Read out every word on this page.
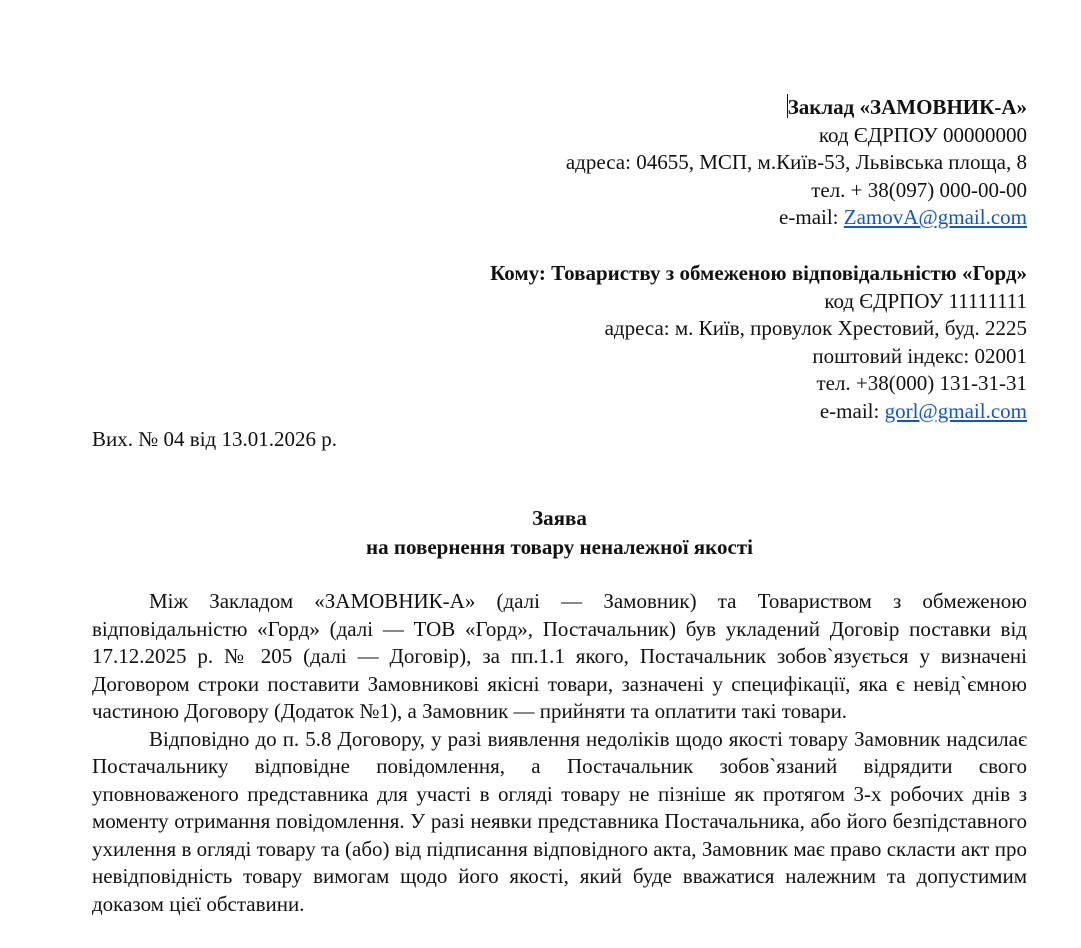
Заклад «ЗАМОВНИК-А»
код ЄДРПОУ 00000000
адреса: 04655, МСП, м.Київ-53, Львівська площа, 8
тел. + 38(097) 000-00-00
e-mail: ZamovA@gmail.com
Кому: Товариству з обмеженою відповідальністю «Горд»
код ЄДРПОУ 11111111
адреса: м. Київ, провулок Хрестовий, буд. 2225
поштовий індекс: 02001
тел. +38(000) 131-31-31
e-mail: gorl@gmail.com
Вих. № 04 від 13.01.2026 р.
Заява
на повернення товару неналежної якості

Між Закладом «ЗАМОВНИК-А» (далі — Замовник) та Товариством з обмеженою відповідальністю «Горд» (далі — ТОВ «Горд», Постачальник) був укладений Договір поставки від 17.12.2025 р. № 205 (далі — Договір), за пп.1.1 якого, Постачальник зобов`язується у визначені Договором строки поставити Замовникові якісні товари, зазначені у специфікації, яка є невід`ємною частиною Договору (Додаток №1), а Замовник — прийняти та оплатити такі товари.

Відповідно до п. 5.8 Договору, у разі виявлення недоліків щодо якості товару Замовник надсилає Постачальнику відповідне повідомлення, а Постачальник зобов`язаний відрядити свого уповноваженого представника для участі в огляді товару не пізніше як протягом 3-х робочих днів з моменту отримання повідомлення. У разі неявки представника Постачальника, або його безпідставного ухилення в огляді товару та (або) від підписання відповідного акта, Замовник має право скласти акт про невідповідність товару вимогам щодо його якості, який буде вважатися належним та допустимим доказом цієї обставини.
